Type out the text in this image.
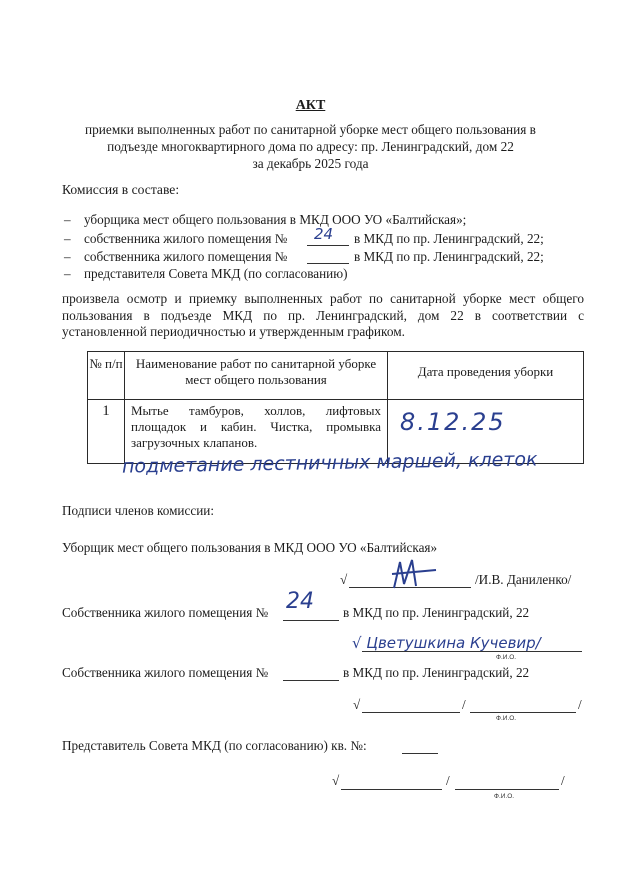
АКТ
приемки выполненных работ по санитарной уборке мест общего пользования в
подъезде многоквартирного дома по адресу: пр. Ленинградский, дом 22
за декабрь 2025 года
Комиссия в составе:
– уборщика мест общего пользования в МКД ООО УО «Балтийская»;
– собственника жилого помещения № 24 в МКД по пр. Ленинградский, 22;
– собственника жилого помещения №	в МКД по пр. Ленинградский, 22;
– представителя Совета МКД (по согласованию)
произвела осмотр и приемку выполненных работ по санитарной уборке мест общего пользования в подъезде МКД по пр. Ленинградский, дом 22 в соответствии с установленной периодичностью и утвержденным графиком.
№ п/п	Наименование работ по санитарной уборке мест общего пользования	Дата проведения уборки
1	Мытье тамбуров, холлов, лифтовых площадок и кабин. Чистка, промывка загрузочных клапанов.	8.12.25
подметание лестничных маршей, клеток
Подписи членов комиссии:
Уборщик мест общего пользования в МКД ООО УО «Балтийская»
√	/И.В. Даниленко/
Собственника жилого помещения № 24 в МКД по пр. Ленинградский, 22
√ Цветушкина Кучевир/
Ф.И.О.
Собственника жилого помещения №	в МКД по пр. Ленинградский, 22
√	/	/
Ф.И.О.
Представитель Совета МКД (по согласованию) кв. №:
√	/	/
Ф.И.О.
